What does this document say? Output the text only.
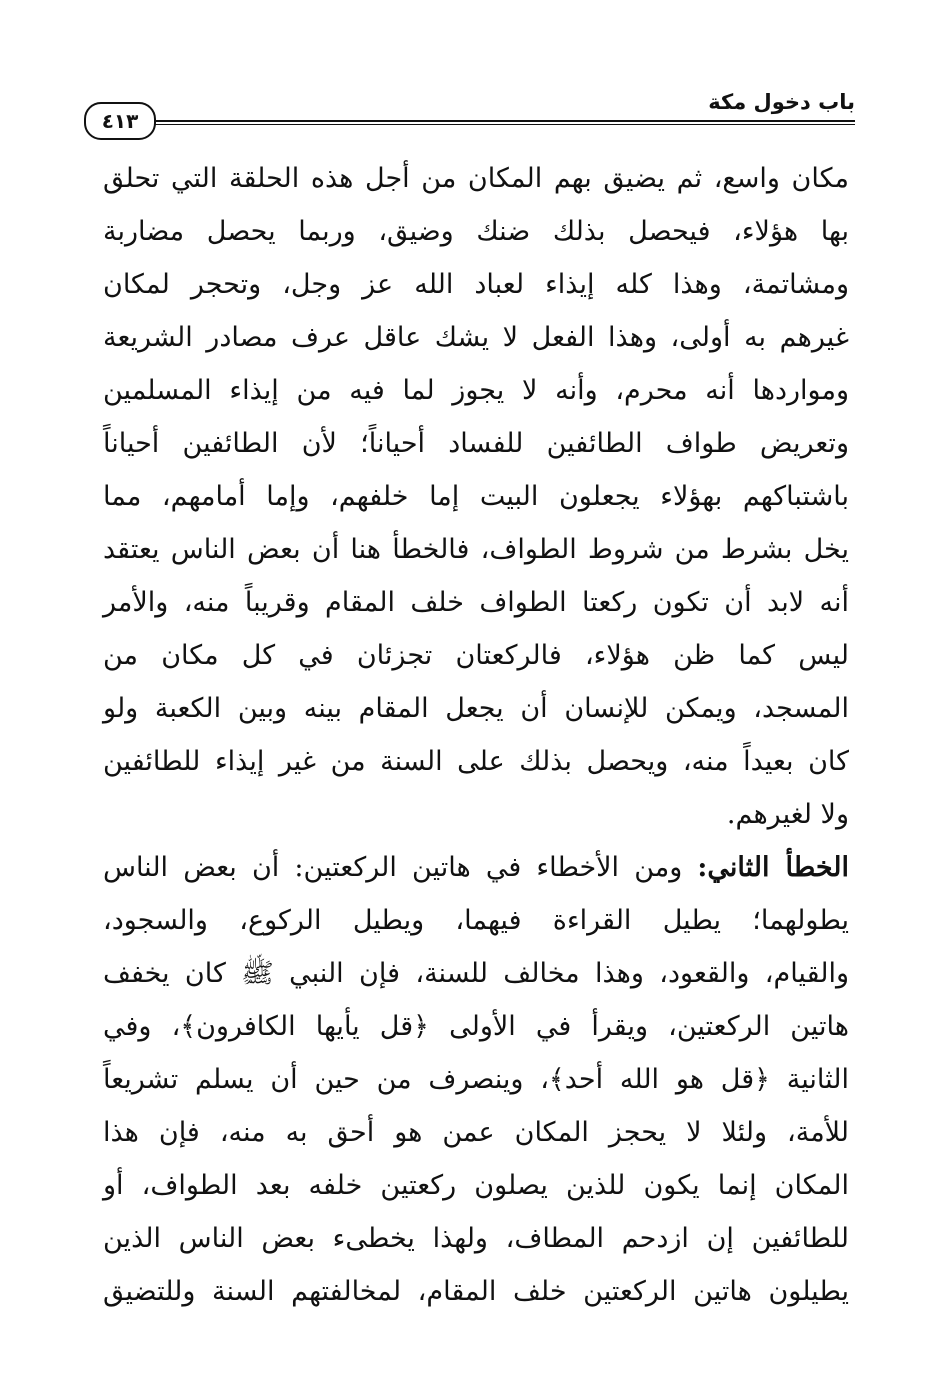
باب دخول مكة
٤١٣
مكان واسع، ثم يضيق بهم المكان من أجل هذه الحلقة التي تحلق
بها هؤلاء، فيحصل بذلك ضنك وضيق، وربما يحصل مضاربة
ومشاتمة، وهذا كله إيذاء لعباد الله عز وجل، وتحجر لمكان
غيرهم به أولى، وهذا الفعل لا يشك عاقل عرف مصادر الشريعة
ومواردها أنه محرم، وأنه لا يجوز لما فيه من إيذاء المسلمين
وتعريض طواف الطائفين للفساد أحياناً؛ لأن الطائفين أحياناً
باشتباكهم بهؤلاء يجعلون البيت إما خلفهم، وإما أمامهم، مما
يخل بشرط من شروط الطواف، فالخطأ هنا أن بعض الناس يعتقد
أنه لابد أن تكون ركعتا الطواف خلف المقام وقريباً منه، والأمر
ليس كما ظن هؤلاء، فالركعتان تجزئان في كل مكان من
المسجد، ويمكن للإنسان أن يجعل المقام بينه وبين الكعبة ولو
كان بعيداً منه، ويحصل بذلك على السنة من غير إيذاء للطائفين
ولا لغيرهم.
الخطأ الثاني: ومن الأخطاء في هاتين الركعتين: أن بعض الناس
يطولهما؛ يطيل القراءة فيهما، ويطيل الركوع، والسجود،
والقيام، والقعود، وهذا مخالف للسنة، فإن النبي ﷺ كان يخفف
هاتين الركعتين، ويقرأ في الأولى ﴿قل يأيها الكافرون﴾، وفي
الثانية ﴿قل هو الله أحد﴾، وينصرف من حين أن يسلم تشريعاً
للأمة، ولئلا لا يحجز المكان عمن هو أحق به منه، فإن هذا
المكان إنما يكون للذين يصلون ركعتين خلفه بعد الطواف، أو
للطائفين إن ازدحم المطاف، ولهذا يخطىء بعض الناس الذين
يطيلون هاتين الركعتين خلف المقام، لمخالفتهم السنة وللتضيق
